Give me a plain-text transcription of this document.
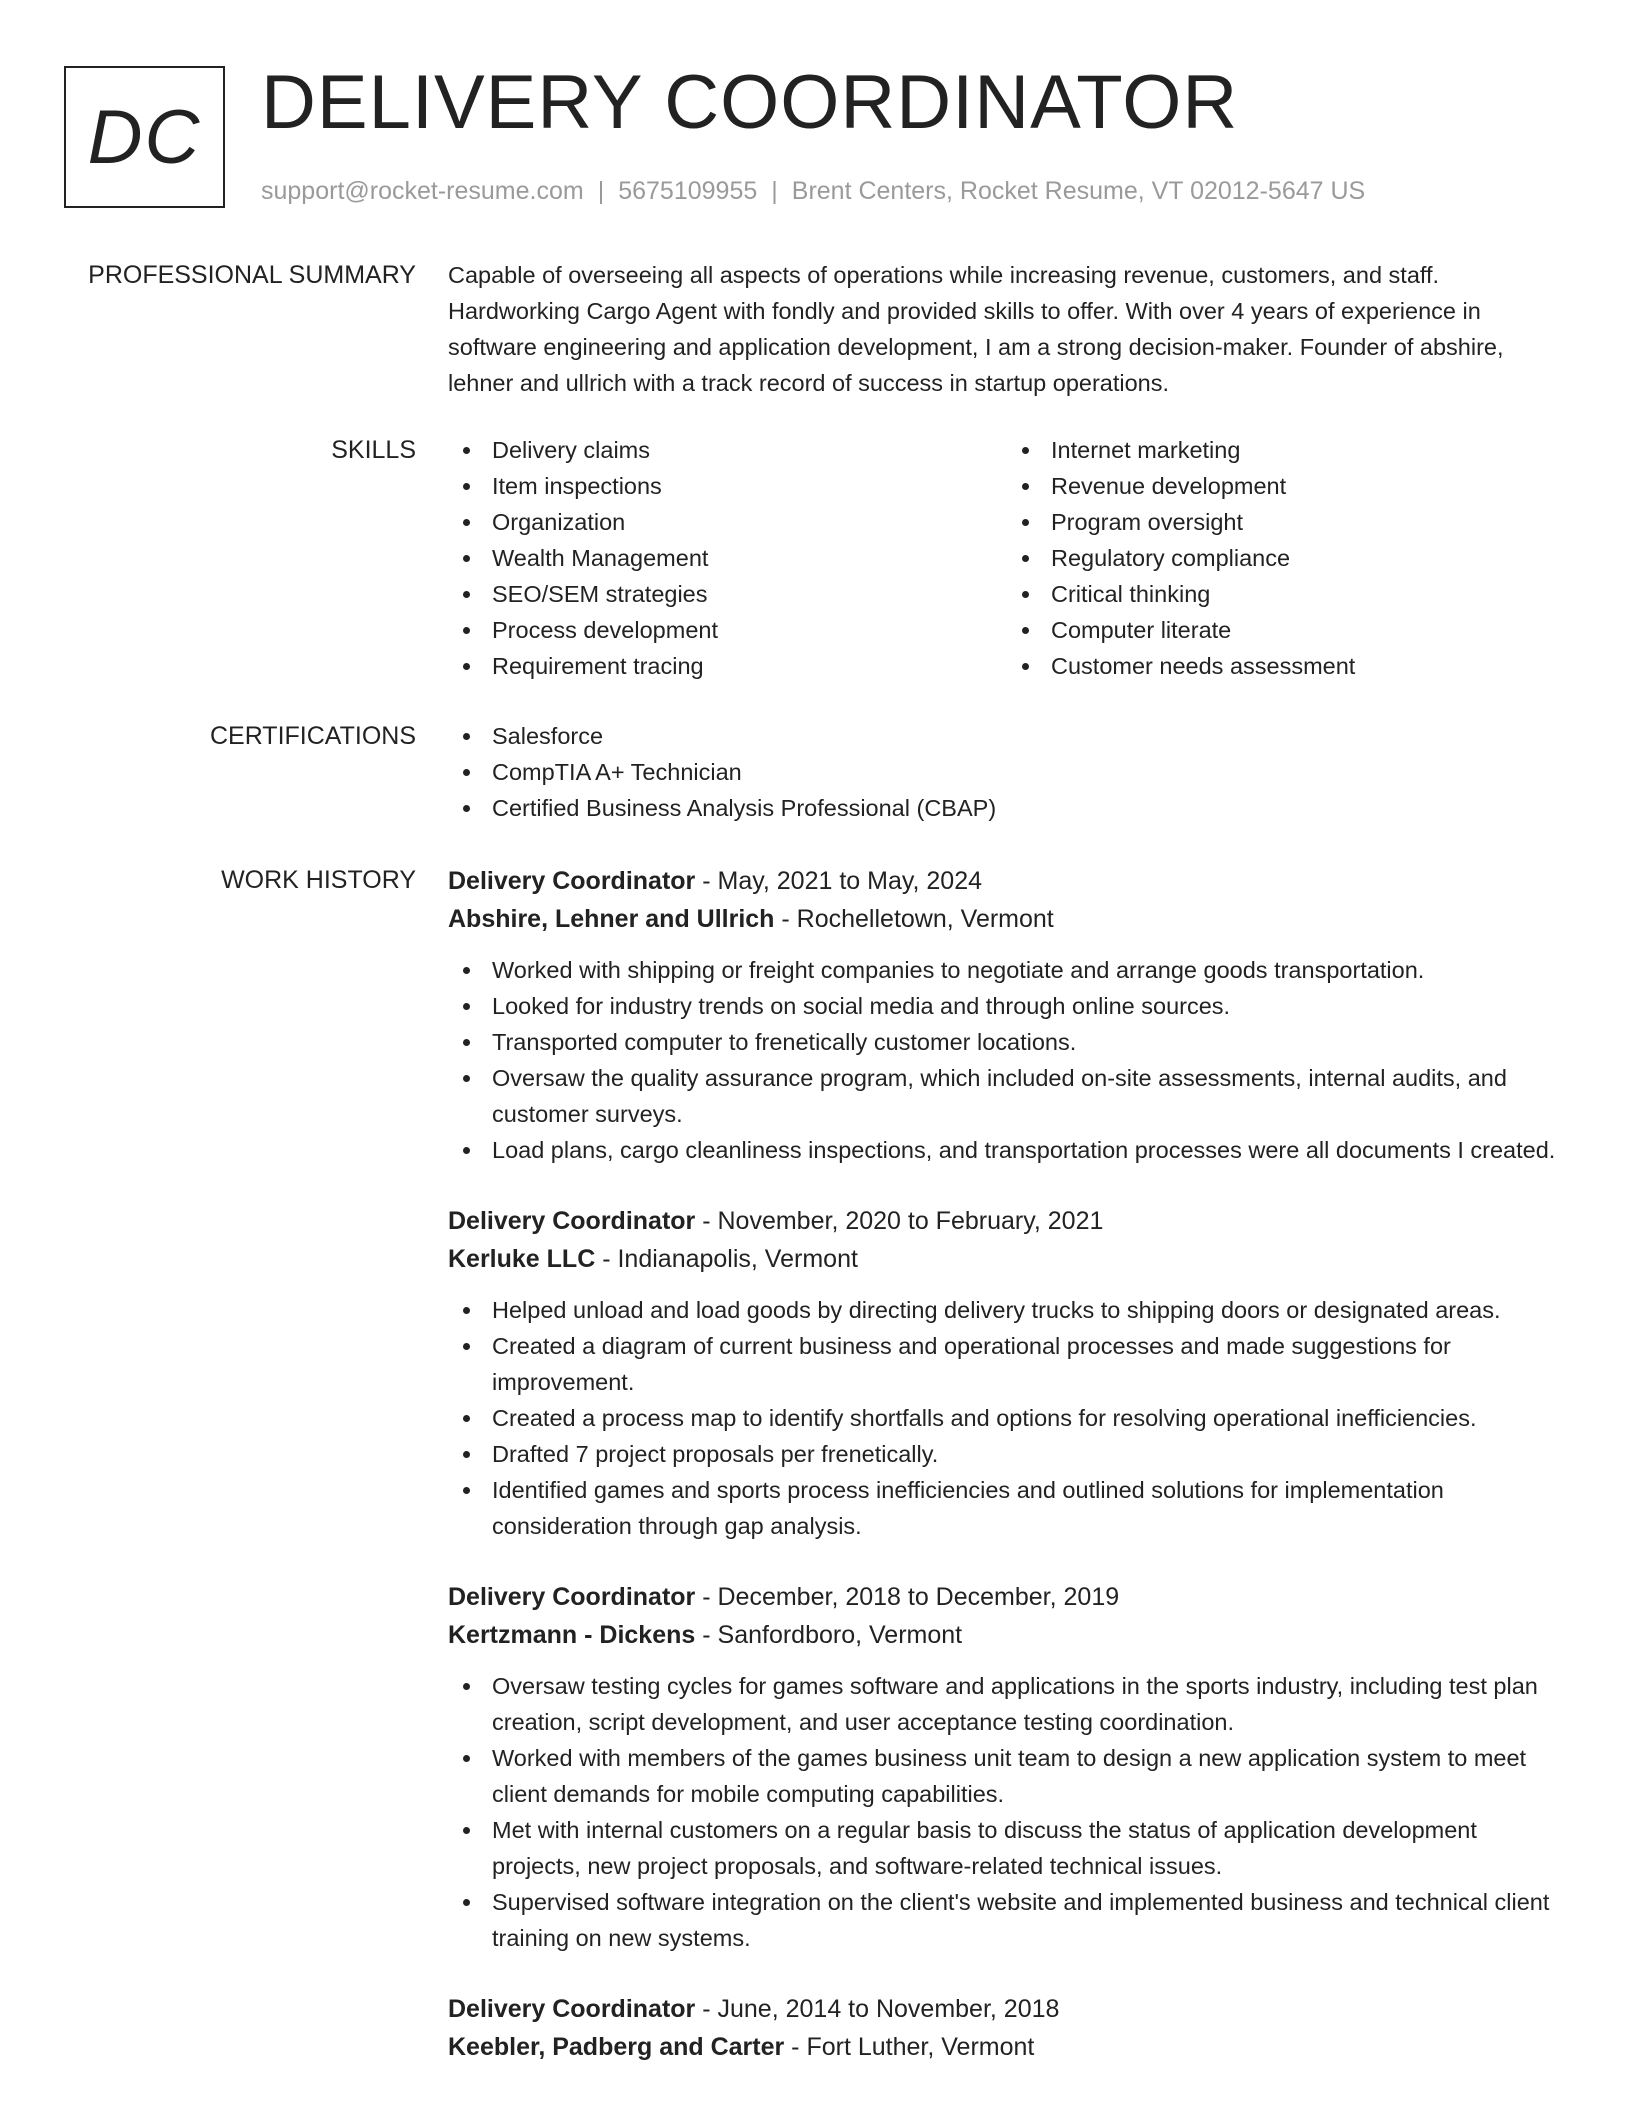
DC DELIVERY COORDINATOR
support@rocket-resume.com | 5675109955 | Brent Centers, Rocket Resume, VT 02012-5647 US
PROFESSIONAL SUMMARY Capable of overseeing all aspects of operations while increasing revenue, customers, and staff. Hardworking Cargo Agent with fondly and provided skills to offer. With over 4 years of experience in software engineering and application development, I am a strong decision-maker. Founder of abshire, lehner and ullrich with a track record of success in startup operations.

SKILLS	Delivery claims
Item inspections
Organization
Wealth Management
SEO/SEM strategies
Process development
Requirement tracing
Internet marketing
Revenue development
Program oversight
Regulatory compliance
Critical thinking
Computer literate
Customer needs assessment
CERTIFICATIONS	Salesforce
CompTIA A+ Technician
Certified Business Analysis Professional (CBAP)
WORK HISTORY Delivery Coordinator - May, 2021 to May, 2024
Abshire, Lehner and Ullrich - Rochelletown, Vermont
Worked with shipping or freight companies to negotiate and arrange goods transportation.
Looked for industry trends on social media and through online sources.
Transported computer to frenetically customer locations.
Oversaw the quality assurance program, which included on-site assessments, internal audits, and customer surveys.
Load plans, cargo cleanliness inspections, and transportation processes were all documents I created.
Delivery Coordinator - November, 2020 to February, 2021
Kerluke LLC - Indianapolis, Vermont
Helped unload and load goods by directing delivery trucks to shipping doors or designated areas.
Created a diagram of current business and operational processes and made suggestions for improvement.
Created a process map to identify shortfalls and options for resolving operational inefficiencies.
Drafted 7 project proposals per frenetically.
Identified games and sports process inefficiencies and outlined solutions for implementation consideration through gap analysis.
Delivery Coordinator - December, 2018 to December, 2019
Kertzmann - Dickens - Sanfordboro, Vermont
Oversaw testing cycles for games software and applications in the sports industry, including test plan creation, script development, and user acceptance testing coordination.
Worked with members of the games business unit team to design a new application system to meet client demands for mobile computing capabilities.
Met with internal customers on a regular basis to discuss the status of application development projects, new project proposals, and software-related technical issues.
Supervised software integration on the client's website and implemented business and technical client training on new systems.
Delivery Coordinator - June, 2014 to November, 2018
Keebler, Padberg and Carter - Fort Luther, Vermont
